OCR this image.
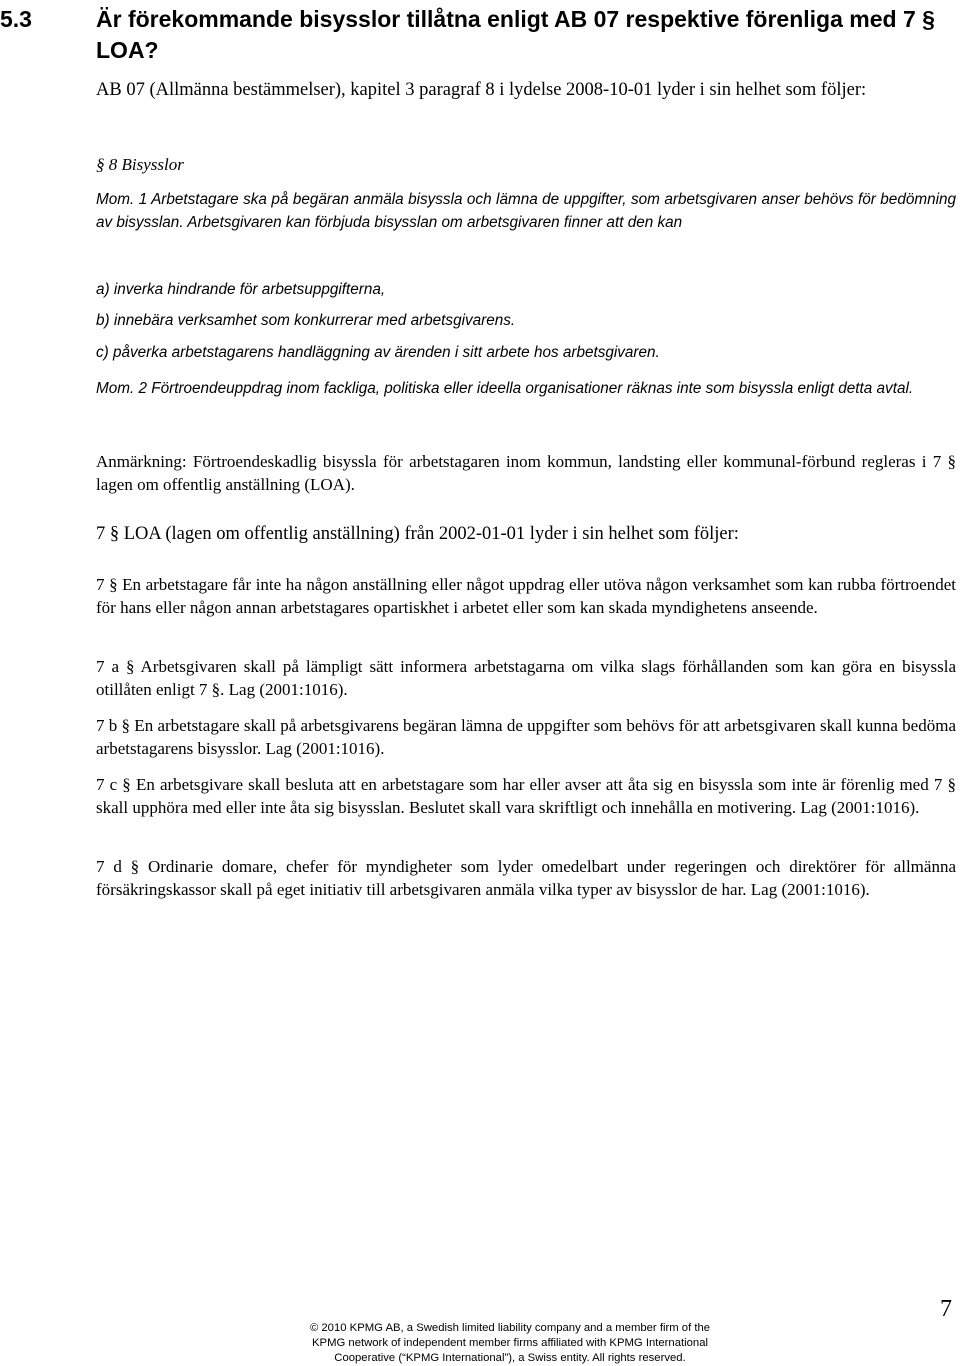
5.3	Är förekommande bisysslor tillåtna enligt AB 07 respektive förenliga med 7 § LOA?
AB 07 (Allmänna bestämmelser), kapitel 3 paragraf 8 i lydelse 2008-10-01 lyder i sin helhet som följer:
§ 8 Bisysslor
Mom. 1 Arbetstagare ska på begäran anmäla bisyssla och lämna de uppgifter, som arbetsgivaren anser behövs för bedömning av bisysslan. Arbetsgivaren kan förbjuda bisysslan om arbetsgivaren finner att den kan
a) inverka hindrande för arbetsuppgifterna,
b) innebära verksamhet som konkurrerar med arbetsgivarens.
c) påverka arbetstagarens handläggning av ärenden i sitt arbete hos arbetsgivaren.
Mom. 2 Förtroendeuppdrag inom fackliga, politiska eller ideella organisationer räknas inte som bisyssla enligt detta avtal.
Anmärkning: Förtroendeskadlig bisyssla för arbetstagaren inom kommun, landsting eller kommunal-förbund regleras i 7 § lagen om offentlig anställning (LOA).
7 § LOA (lagen om offentlig anställning) från 2002-01-01 lyder i sin helhet som följer:
7 § En arbetstagare får inte ha någon anställning eller något uppdrag eller utöva någon verksamhet som kan rubba förtroendet för hans eller någon annan arbetstagares opartiskhet i arbetet eller som kan skada myndighetens anseende.
7 a § Arbetsgivaren skall på lämpligt sätt informera arbetstagarna om vilka slags förhållanden som kan göra en bisyssla otillåten enligt 7 §. Lag (2001:1016).
7 b § En arbetstagare skall på arbetsgivarens begäran lämna de uppgifter som behövs för att arbetsgivaren skall kunna bedöma arbetstagarens bisysslor. Lag (2001:1016).
7 c § En arbetsgivare skall besluta att en arbetstagare som har eller avser att åta sig en bisyssla som inte är förenlig med 7 § skall upphöra med eller inte åta sig bisysslan. Beslutet skall vara skriftligt och innehålla en motivering. Lag (2001:1016).
7 d § Ordinarie domare, chefer för myndigheter som lyder omedelbart under regeringen och direktörer för allmänna försäkringskassor skall på eget initiativ till arbetsgivaren anmäla vilka typer av bisysslor de har. Lag (2001:1016).
7
© 2010 KPMG AB, a Swedish limited liability company and a member firm of the
KPMG network of independent member firms affiliated with KPMG International
Cooperative (“KPMG International”), a Swiss entity. All rights reserved.
